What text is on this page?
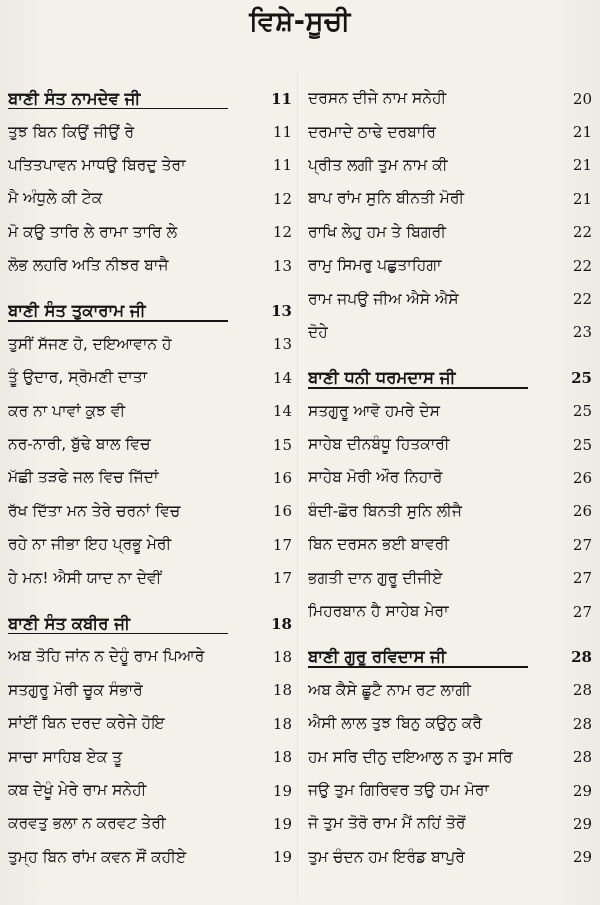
ਵਿਸ਼ੇ-ਸੂਚੀ
ਬਾਣੀ ਸੰਤ ਨਾਮਦੇਵ ਜੀ	11
ਤੁਝ ਬਿਨ ਕਿਉਂ ਜੀਉਂ ਰੇ	11
ਪਤਿਤਪਾਵਨ ਮਾਧਉ ਬਿਰਦੁ ਤੇਰਾ	11
ਮੈ ਅੰਧੁਲੇ ਕੀ ਟੇਕ	12
ਮੋ ਕਉ ਤਾਰਿ ਲੇ ਰਾਮਾ ਤਾਰਿ ਲੇ	12
ਲੋਭ ਲਹਰਿ ਅਤਿ ਨੀਝਰ ਬਾਜੈ	13
ਬਾਣੀ ਸੰਤ ਤੁਕਾਰਾਮ ਜੀ	13
ਤੁਸੀਂ ਸੱਜਣ ਹੋ, ਦਇਆਵਾਨ ਹੋ	13
ਤੂੰ ਉਦਾਰ, ਸ੍ਰੋਮਣੀ ਦਾਤਾ	14
ਕਰ ਨਾ ਪਾਵਾਂ ਕੁਝ ਵੀ	14
ਨਰ-ਨਾਰੀ, ਬੁੱਢੇ ਬਾਲ ਵਿਚ	15
ਮੱਛੀ ਤੜਫੇ ਜਲ ਵਿਚ ਜਿੱਦਾਂ	16
ਰੱਖ ਦਿੱਤਾ ਮਨ ਤੇਰੇ ਚਰਨਾਂ ਵਿਚ	16
ਰਹੇ ਨਾ ਜੀਭਾ ਇਹ ਪ੍ਰਭੂ ਮੇਰੀ	17
ਹੇ ਮਨ! ਐਸੀ ਯਾਦ ਨਾ ਦੇਵੀਂ	17
ਬਾਣੀ ਸੰਤ ਕਬੀਰ ਜੀ	18
ਅਬ ਤੋਹਿ ਜਾਂਨ ਨ ਦੇਹੂੰ ਰਾਮ ਪਿਆਰੇ	18
ਸਤਗੁਰੂ ਮੋਰੀ ਚੂਕ ਸੰਭਾਰੋ	18
ਸਾਂਈਂ ਬਿਨ ਦਰਦ ਕਰੇਜੇ ਹੋਇ	18
ਸਾਚਾ ਸਾਹਿਬ ਏਕ ਤੂ	18
ਕਬ ਦੇਖੂੰ ਮੇਰੇ ਰਾਮ ਸਨੇਹੀ	19
ਕਰਵਤੁ ਭਲਾ ਨ ਕਰਵਟ ਤੇਰੀ	19
ਤੁਮ੍ਹ ਬਿਨ ਰਾਂਮ ਕਵਨ ਸੌਂ ਕਹੀਏ	19
ਦਰਸਨ ਦੀਜੇ ਨਾਮ ਸਨੇਹੀ	20
ਦਰਮਾਦੇ ਠਾਢੇ ਦਰਬਾਰਿ	21
ਪ੍ਰੀਤ ਲਗੀ ਤੁਮ ਨਾਮ ਕੀ	21
ਬਾਪ ਰਾਂਮ ਸੁਨਿ ਬੀਨਤੀ ਮੋਰੀ	21
ਰਾਖਿ ਲੇਹੁ ਹਮ ਤੇ ਬਿਗਰੀ	22
ਰਾਮੁ ਸਿਮਰੁ ਪਛੁਤਾਹਿਗਾ	22
ਰਾਮ ਜਪਉ ਜੀਅ ਐਸੇ ਐਸੇ	22
ਦੋਹੇ	23
ਬਾਣੀ ਧਨੀ ਧਰਮਦਾਸ ਜੀ	25
ਸਤਗੁਰੂ ਆਵੋ ਹਮਰੇ ਦੇਸ	25
ਸਾਹੇਬ ਦੀਨਬੰਧੂ ਹਿਤਕਾਰੀ	25
ਸਾਹੇਬ ਮੋਰੀ ਔਰ ਨਿਹਾਰੋ	26
ਬੰਦੀ-ਛੋਰ ਬਿਨਤੀ ਸੁਨਿ ਲੀਜੈ	26
ਬਿਨ ਦਰਸਨ ਭਈ ਬਾਵਰੀ	27
ਭਗਤੀ ਦਾਨ ਗੁਰੂ ਦੀਜੀਏ	27
ਮਿਹਰਬਾਨ ਹੈ ਸਾਹੇਬ ਮੇਰਾ	27
ਬਾਣੀ ਗੁਰੂ ਰਵਿਦਾਸ ਜੀ	28
ਅਬ ਕੈਸੇ ਛੂਟੈ ਨਾਮ ਰਟ ਲਾਗੀ	28
ਐਸੀ ਲਾਲ ਤੁਝ ਬਿਨੁ ਕਉਨੁ ਕਰੈ	28
ਹਮ ਸਰਿ ਦੀਨੁ ਦਇਆਲੁ ਨ ਤੁਮ ਸਰਿ	28
ਜਉ ਤੁਮ ਗਿਰਿਵਰ ਤਉ ਹਮ ਮੋਰਾ	29
ਜੋ ਤੁਮ ਤੋਰੋ ਰਾਮ ਮੈਂ ਨਹਿਂ ਤੋਰੋਂ	29
ਤੁਮ ਚੰਦਨ ਹਮ ਇਰੰਡ ਬਾਪੁਰੇ	29
